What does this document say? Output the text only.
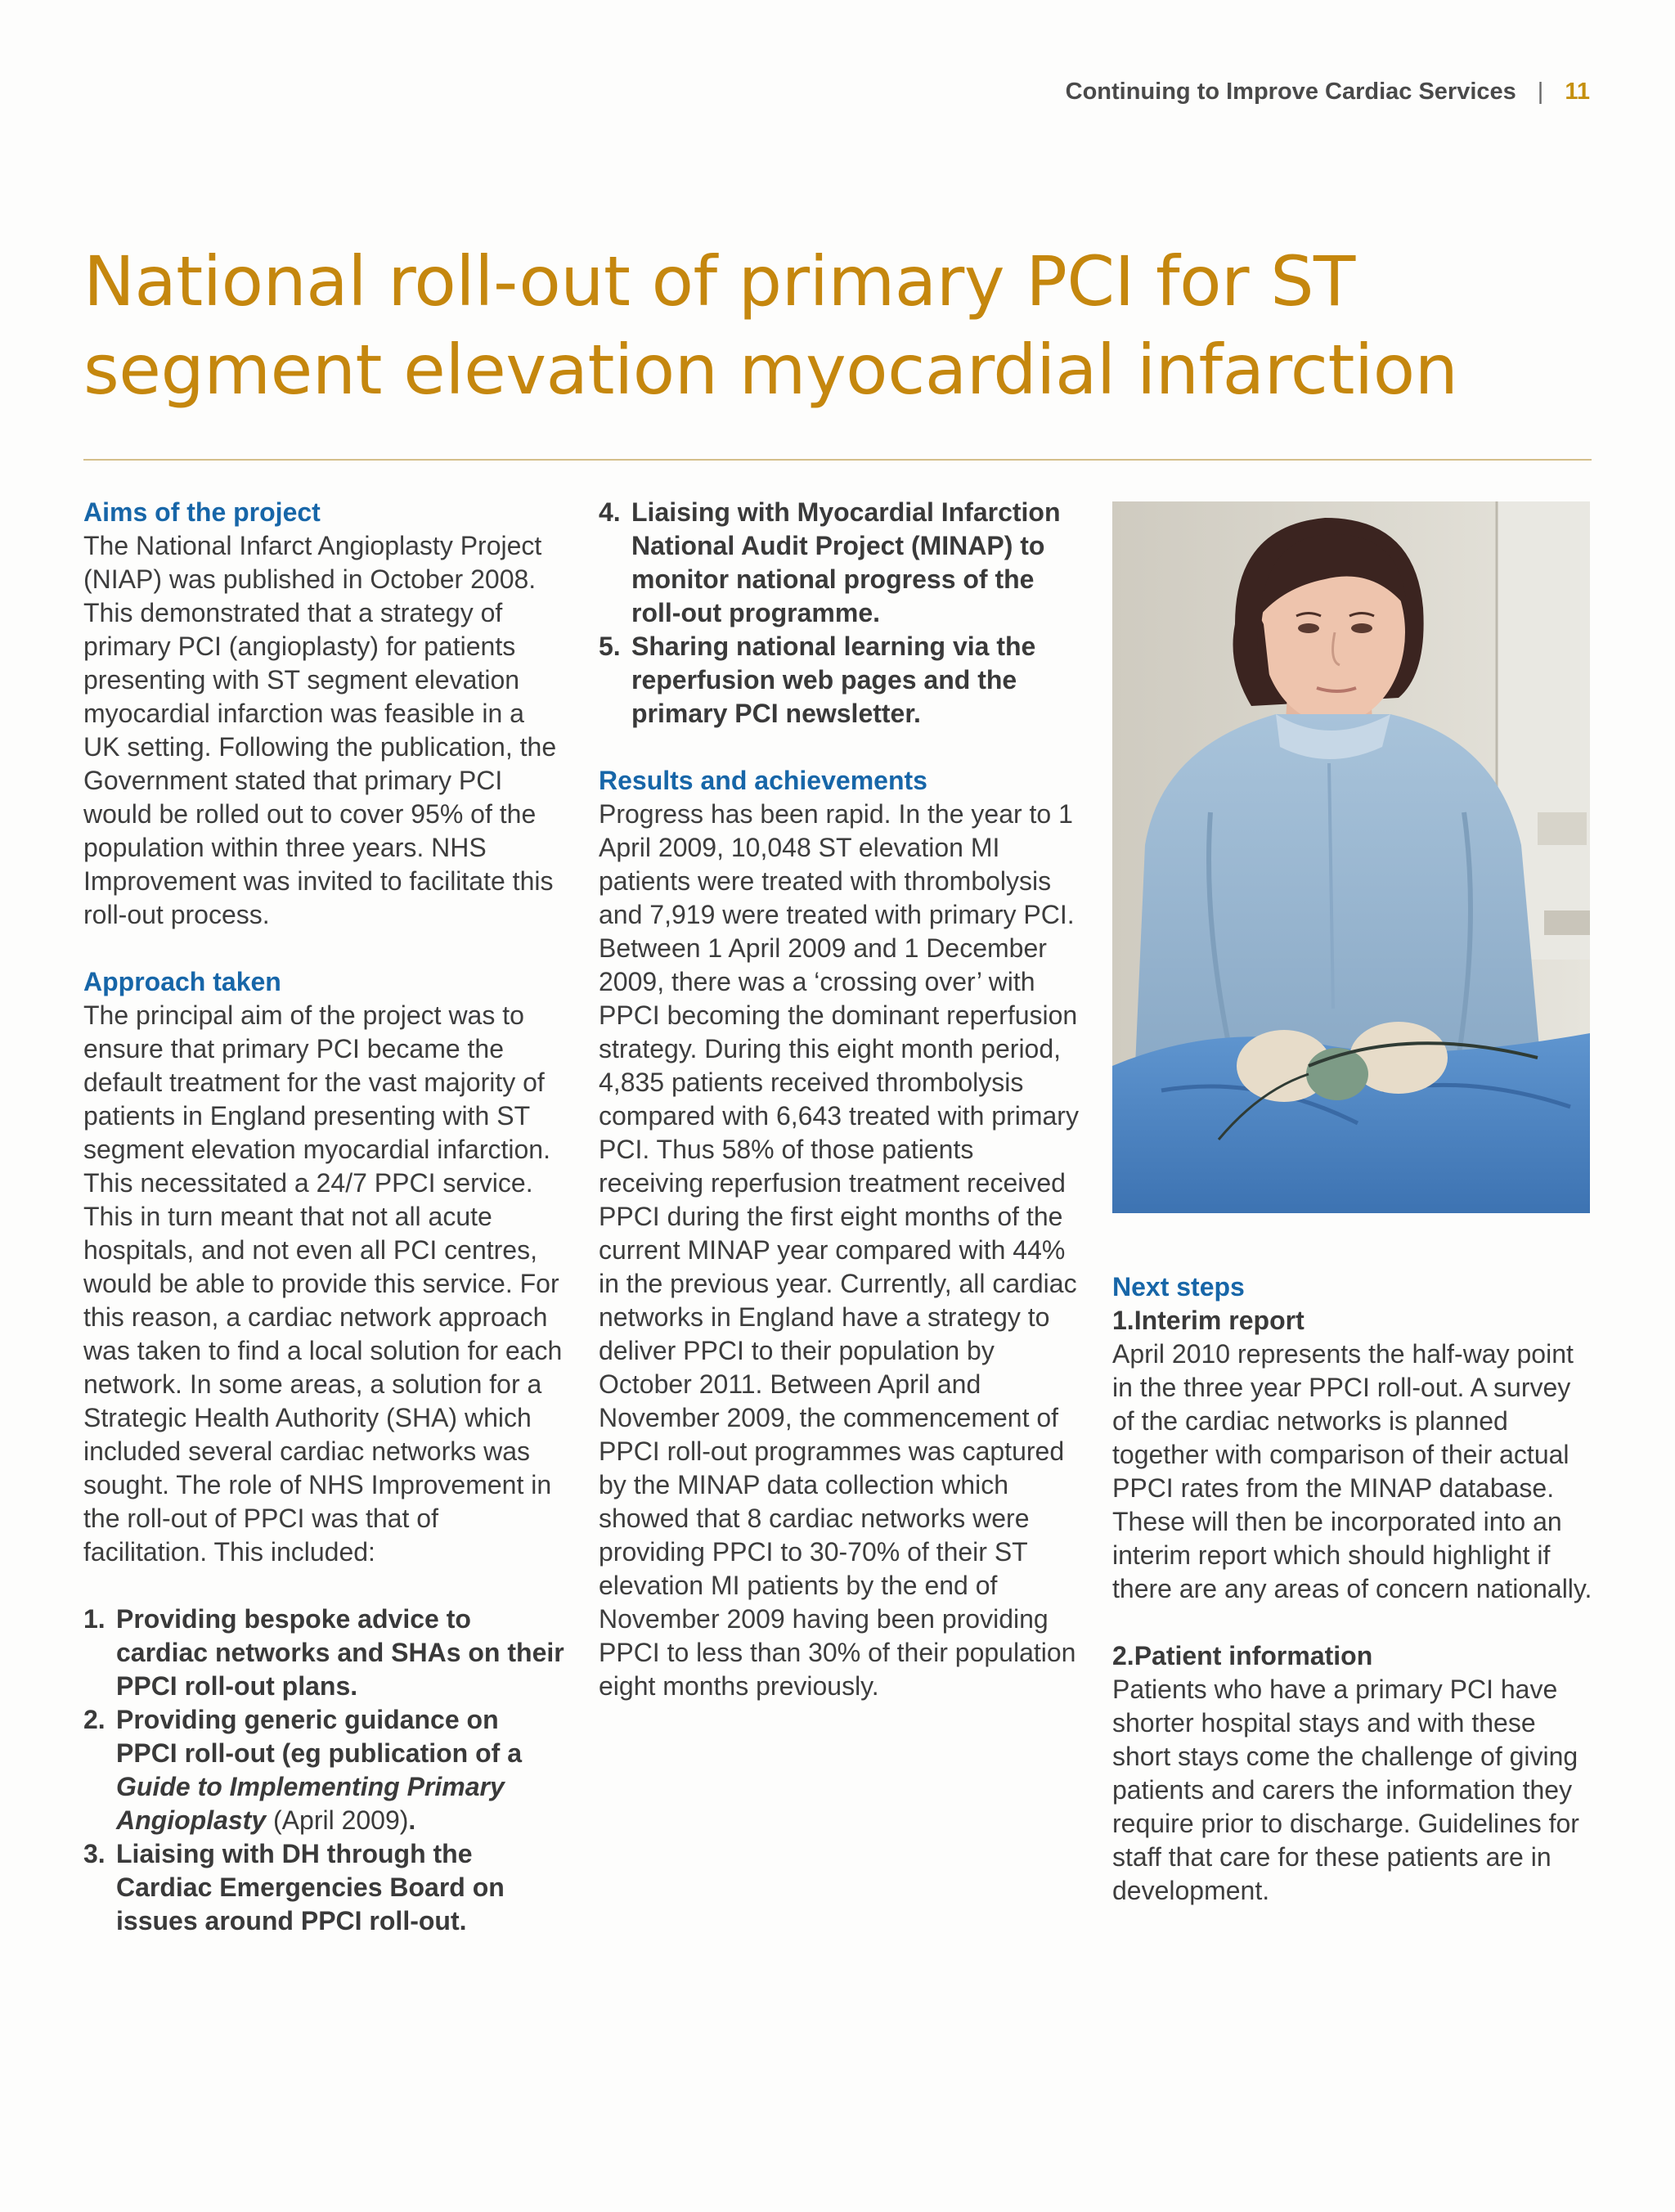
Continuing to Improve Cardiac Services | 11
National roll-out of primary PCI for ST segment elevation myocardial infarction
Aims of the project

The National Infarct Angioplasty Project (NIAP) was published in October 2008. This demonstrated that a strategy of primary PCI (angioplasty) for patients presenting with ST segment elevation myocardial infarction was feasible in a UK setting. Following the publication, the Government stated that primary PCI would be rolled out to cover 95% of the population within three years. NHS Improvement was invited to facilitate this roll-out process.

Approach taken

The principal aim of the project was to ensure that primary PCI became the default treatment for the vast majority of patients in England presenting with ST segment elevation myocardial infarction. This necessitated a 24/7 PPCI service. This in turn meant that not all acute hospitals, and not even all PCI centres, would be able to provide this service. For this reason, a cardiac network approach was taken to find a local solution for each network. In some areas, a solution for a Strategic Health Authority (SHA) which included several cardiac networks was sought. The role of NHS Improvement in the roll-out of PPCI was that of facilitation. This included:

1. Providing bespoke advice to cardiac networks and SHAs on their PPCI roll-out plans.
2. Providing generic guidance on PPCI roll-out (eg publication of a Guide to Implementing Primary Angioplasty (April 2009).
3. Liaising with DH through the Cardiac Emergencies Board on issues around PPCI roll-out.
4. Liaising with Myocardial Infarction National Audit Project (MINAP) to monitor national progress of the roll-out programme.
5. Sharing national learning via the reperfusion web pages and the primary PCI newsletter.
Results and achievements

Progress has been rapid. In the year to 1 April 2009, 10,048 ST elevation MI patients were treated with thrombolysis and 7,919 were treated with primary PCI. Between 1 April 2009 and 1 December 2009, there was a ‘crossing over’ with PPCI becoming the dominant reperfusion strategy. During this eight month period, 4,835 patients received thrombolysis compared with 6,643 treated with primary PCI. Thus 58% of those patients receiving reperfusion treatment received PPCI during the first eight months of the current MINAP year compared with 44% in the previous year. Currently, all cardiac networks in England have a strategy to deliver PPCI to their population by October 2011. Between April and November 2009, the commencement of PPCI roll-out programmes was captured by the MINAP data collection which showed that 8 cardiac networks were providing PPCI to 30-70% of their ST elevation MI patients by the end of November 2009 having been providing PPCI to less than 30% of their population eight months previously.

Next steps
1.Interim report

April 2010 represents the half-way point in the three year PPCI roll-out. A survey of the cardiac networks is planned together with comparison of their actual PPCI rates from the MINAP database. These will then be incorporated into an interim report which should highlight if there are any areas of concern nationally.

2.Patient information

Patients who have a primary PCI have shorter hospital stays and with these short stays come the challenge of giving patients and carers the information they require prior to discharge. Guidelines for staff that care for these patients are in development.
